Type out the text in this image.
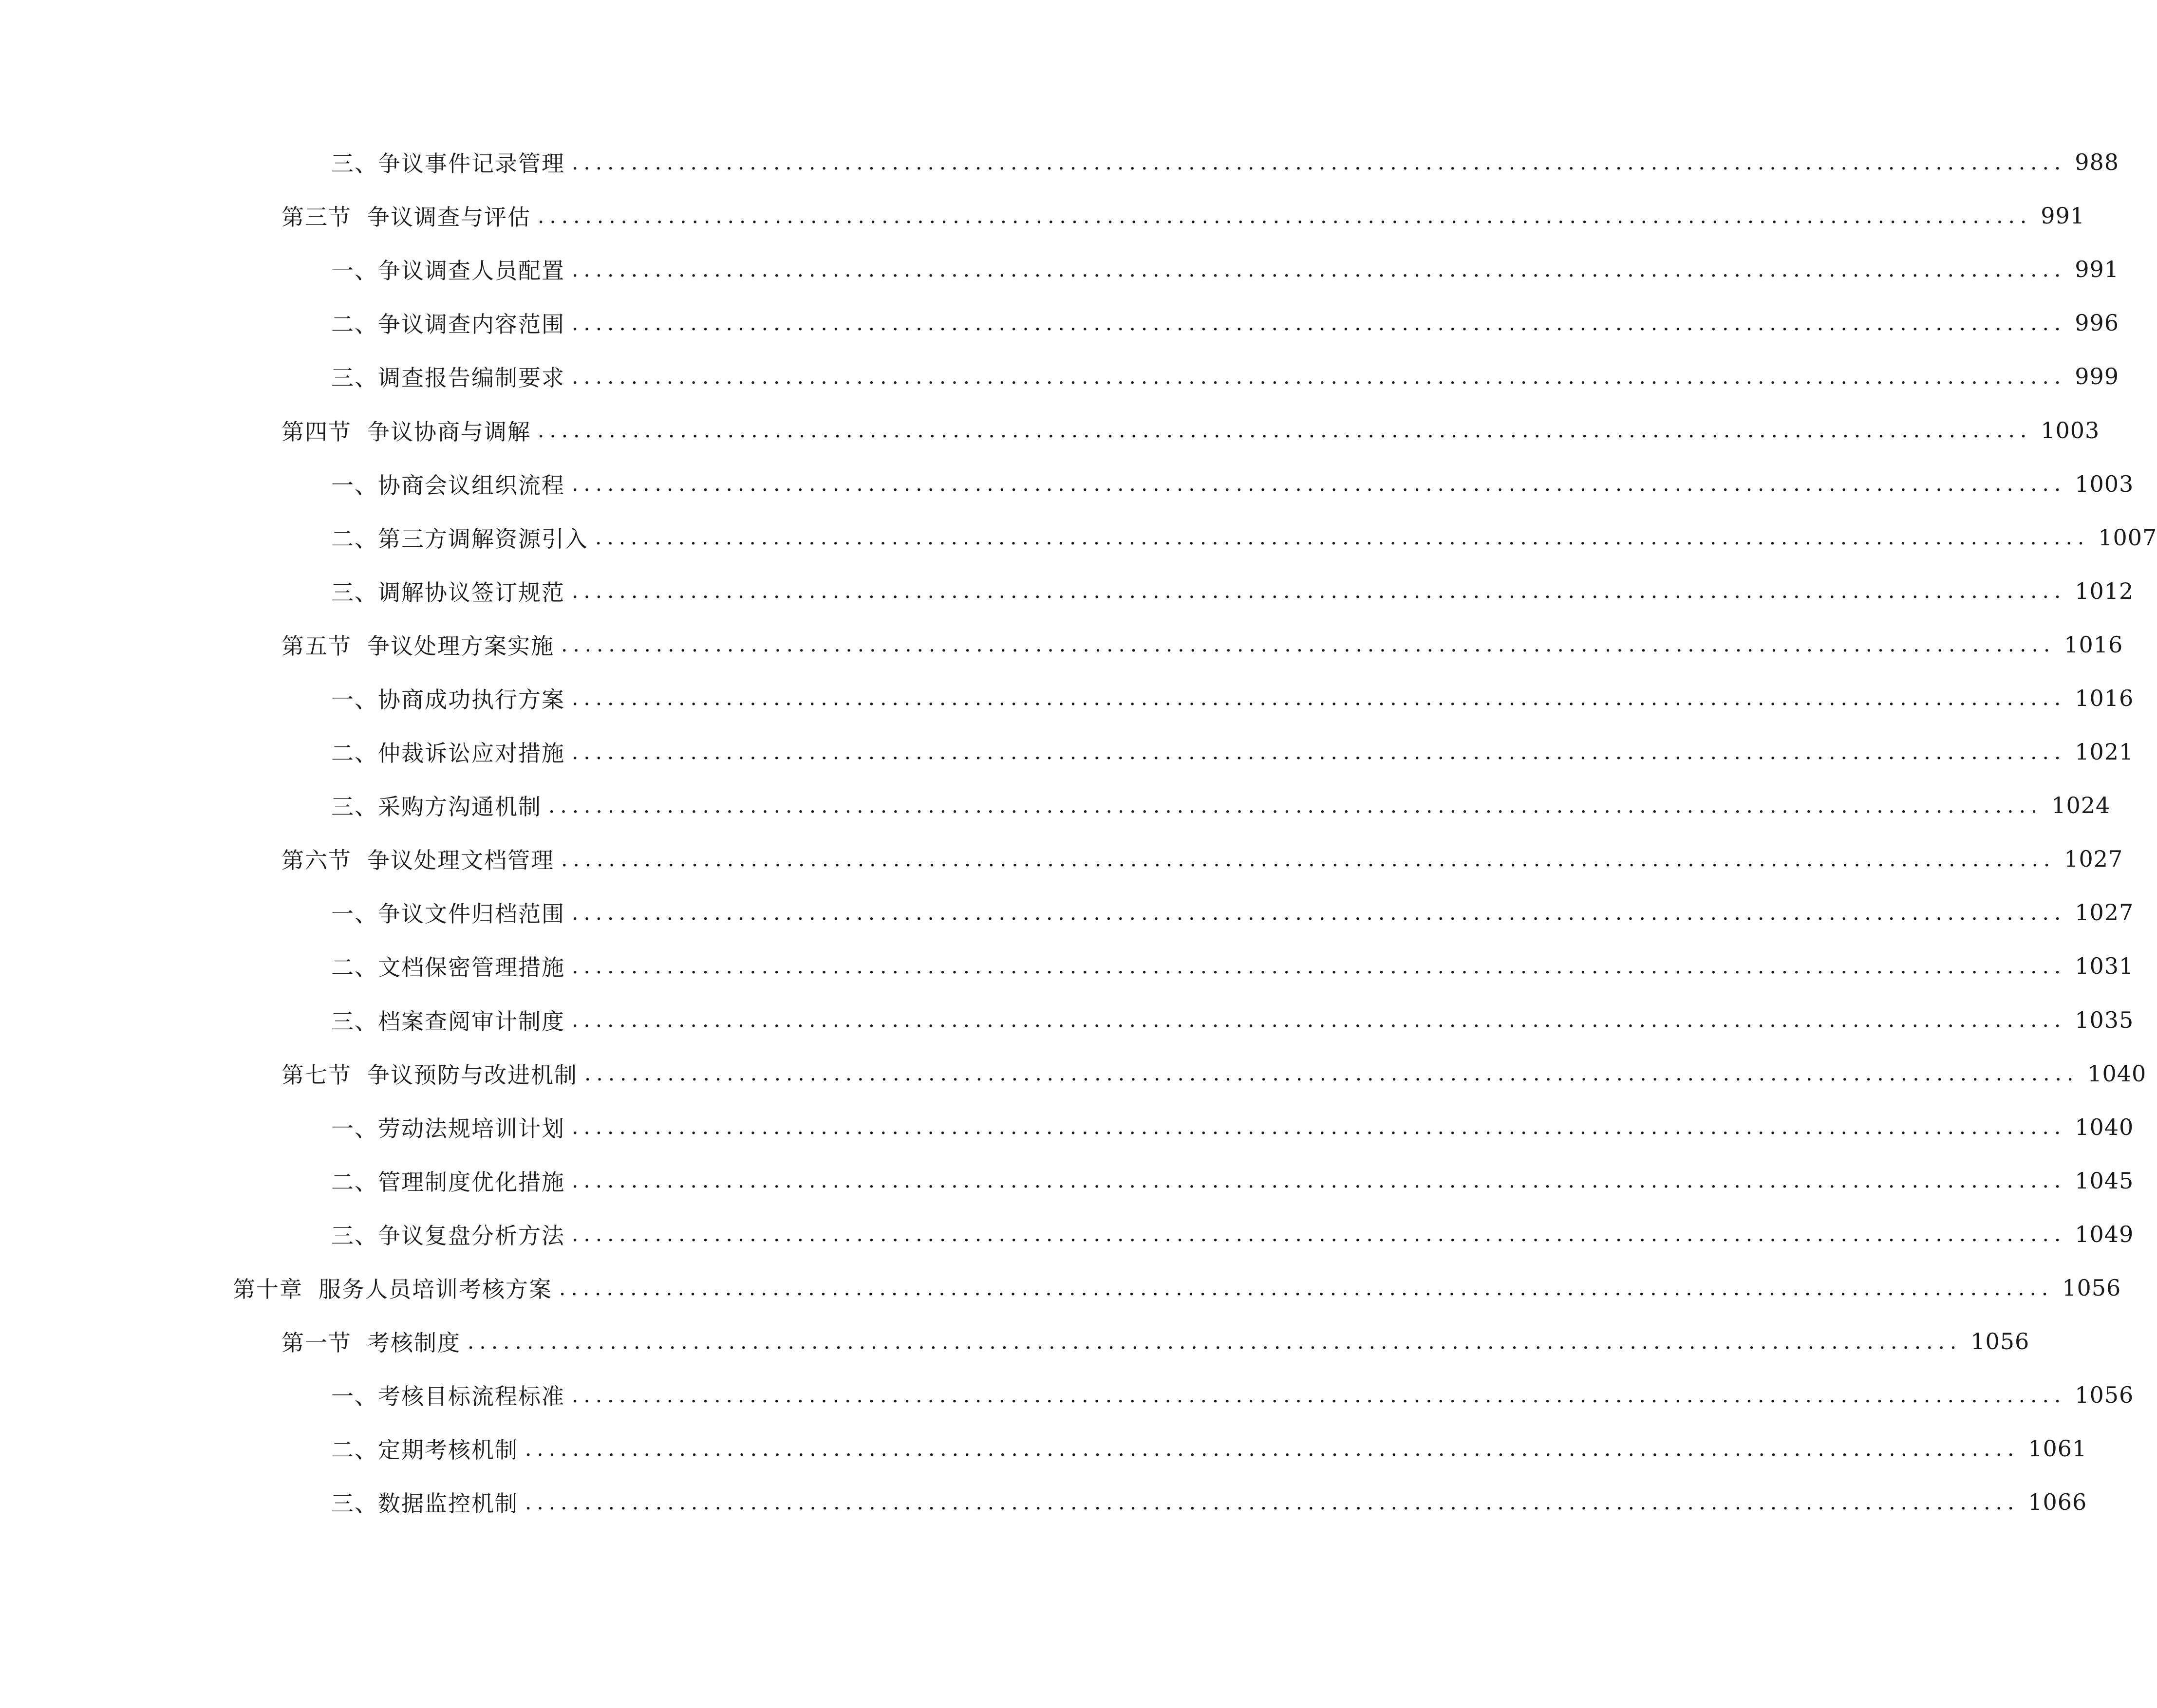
三、 争议事件记录管理 .............................................................................................................................. 988
第三节 争议调查与评估 .............................................................................................................................. 991
一、 争议调查人员配置 .............................................................................................................................. 991
二、 争议调查内容范围 .............................................................................................................................. 996
三、 调查报告编制要求 .............................................................................................................................. 999
第四节 争议协商与调解 .............................................................................................................................. 1003
一、 协商会议组织流程 .............................................................................................................................. 1003
二、 第三方调解资源引入 .............................................................................................................................. 1007
三、 调解协议签订规范 .............................................................................................................................. 1012
第五节 争议处理方案实施 .............................................................................................................................. 1016
一、 协商成功执行方案 .............................................................................................................................. 1016
二、 仲裁诉讼应对措施 .............................................................................................................................. 1021
三、 采购方沟通机制 .............................................................................................................................. 1024
第六节 争议处理文档管理 .............................................................................................................................. 1027
一、 争议文件归档范围 .............................................................................................................................. 1027
二、 文档保密管理措施 .............................................................................................................................. 1031
三、 档案查阅审计制度 .............................................................................................................................. 1035
第七节 争议预防与改进机制 .............................................................................................................................. 1040
一、 劳动法规培训计划 .............................................................................................................................. 1040
二、 管理制度优化措施 .............................................................................................................................. 1045
三、 争议复盘分析方法 .............................................................................................................................. 1049
第十章 服务人员培训考核方案 .............................................................................................................................. 1056
第一节 考核制度 .............................................................................................................................. 1056
一、 考核目标流程标准 .............................................................................................................................. 1056
二、 定期考核机制 .............................................................................................................................. 1061
三、 数据监控机制 .............................................................................................................................. 1066
